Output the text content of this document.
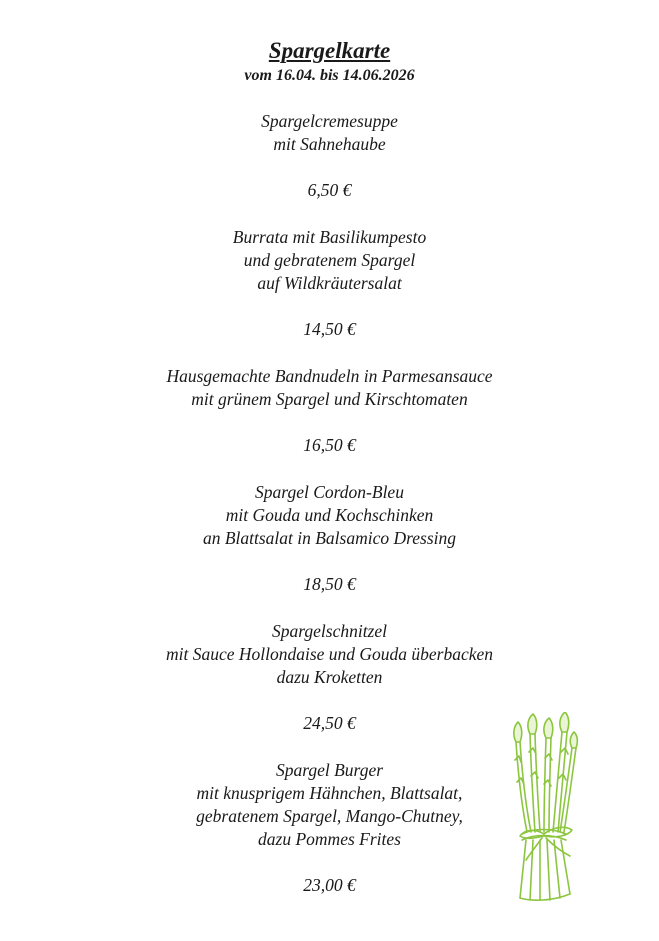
Spargelkarte

vom 16.04. bis 14.06.2026

Spargelcremesuppe
mit Sahnehaube
6,50 €
Burrata mit Basilikumpesto
und gebratenem Spargel
auf Wildkräutersalat
14,50 €
Hausgemachte Bandnudeln in Parmesansauce
mit grünem Spargel und Kirschtomaten
16,50 €
Spargel Cordon-Bleu
mit Gouda und Kochschinken
an Blattsalat in Balsamico Dressing
18,50 €
Spargelschnitzel
mit Sauce Hollondaise und Gouda überbacken
dazu Kroketten
24,50 €
Spargel Burger
mit knusprigem Hähnchen, Blattsalat,
gebratenem Spargel, Mango-Chutney,
dazu Pommes Frites
23,00 €
